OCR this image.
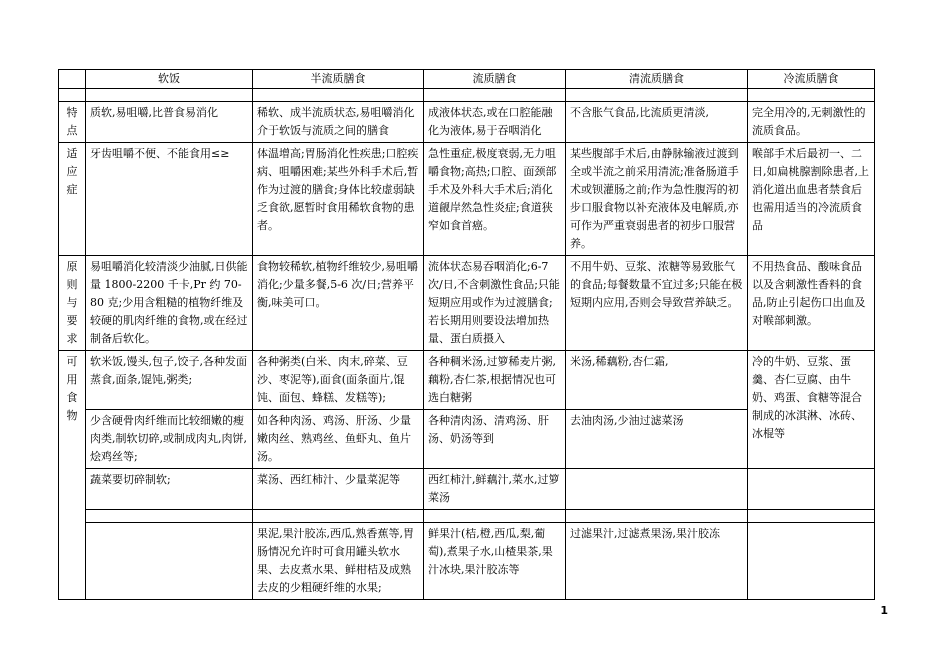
	软饭	半流质膳食	流质膳食	清流质膳食	冷流质膳食

特点	质软,易咀嚼,比普食易消化	稀软、成半流质状态,易咀嚼消化介于软饭与流质之间的膳食	成液体状态,或在口腔能融化为液体,易于吞咽消化	不含胀气食品,比流质更清淡,	完全用冷的,无刺激性的流质食品。

适应症	牙齿咀嚼不便、不能食用≤≥	体温增高;胃肠消化性疾患;口腔疾病、咀嚼困难;某些外科手术后,暂作为过渡的膳食;身体比较虚弱缺乏食欲,愿暂时食用稀软食物的患者。	急性重症,极度衰弱,无力咀嚼食物;高热;口腔、面颈部手术及外科大手术后;消化道觎岸然急性炎症;食道狭窄如食首癌。	某些腹部手术后,由静脉输液过渡到全或半流之前采用清流;准备肠道手术或钡灌肠之前;作为急性腹泻的初步口服食物以补充液体及电解质,亦可作为严重衰弱患者的初步口服营养。	喉部手术后最初一、二日,如扁桃腺割除患者,上消化道出血患者禁食后也需用适当的冷流质食品

原则与要求	易咀嚼消化较清淡少油腻,日供能量 1800-2200 千卡,Pr 约 70-80 克;少用含粗糙的植物纤维及较硬的肌肉纤维的食物,或在经过制备后软化。	食物较稀软,植物纤维较少,易咀嚼消化;少量多餐,5-6 次/日;营养平衡,味美可口。	流体状态易吞咽消化;6-7 次/日,不含刺激性食品;只能短期应用或作为过渡膳食;若长期用则要设法增加热量、蛋白质摄入	不用牛奶、豆浆、浓糖等易致胀气的食品;每餐数量不宜过多;只能在极短期内应用,否则会导致营养缺乏。	不用热食品、酸味食品以及含刺激性香料的食品,防止引起伤口出血及对喉部刺激。

可用食物	软米饭,馒头,包子,饺子,各种发面蒸食,面条,馄饨,粥类;	各种粥类(白米、肉末,碎菜、豆沙、枣泥等),面食(面条面片,馄饨、面包、蜂糕、发糕等);	各种稠米汤,过箩稀麦片粥,藕粉,杏仁茶,根据情况也可选白糖粥	米汤,稀藕粉,杏仁霜,	冷的牛奶、豆浆、蛋羹、杏仁豆腐、由牛奶、鸡蛋、食糖等混合制成的冰淇淋、冰砖、冰棍等
	少含硬骨肉纤维而比较细嫩的瘦肉类,制软切碎,或制成肉丸,肉饼,烩鸡丝等;	如各种肉汤、鸡汤、肝汤、少量嫩肉丝、熟鸡丝、鱼虾丸、鱼片汤。	各种清肉汤、清鸡汤、肝汤、奶汤等到	去油肉汤,少油过滤菜汤	
	蔬菜要切碎制软;	菜汤、西红柿汁、少量菜泥等	西红柿汁,鲜藕汁,菜水,过箩菜汤		

		果泥,果汁胶冻,西瓜,熟香蕉等,胃肠情况允许时可食用罐头软水果、去皮煮水果、鲜柑桔及成熟去皮的少粗硬纤维的水果;	鲜果汁(桔,橙,西瓜,梨,葡萄),煮果子水,山楂果茶,果汁冰块,果汁胶冻等	过滤果汁,过滤煮果汤,果汁胶冻	
1
